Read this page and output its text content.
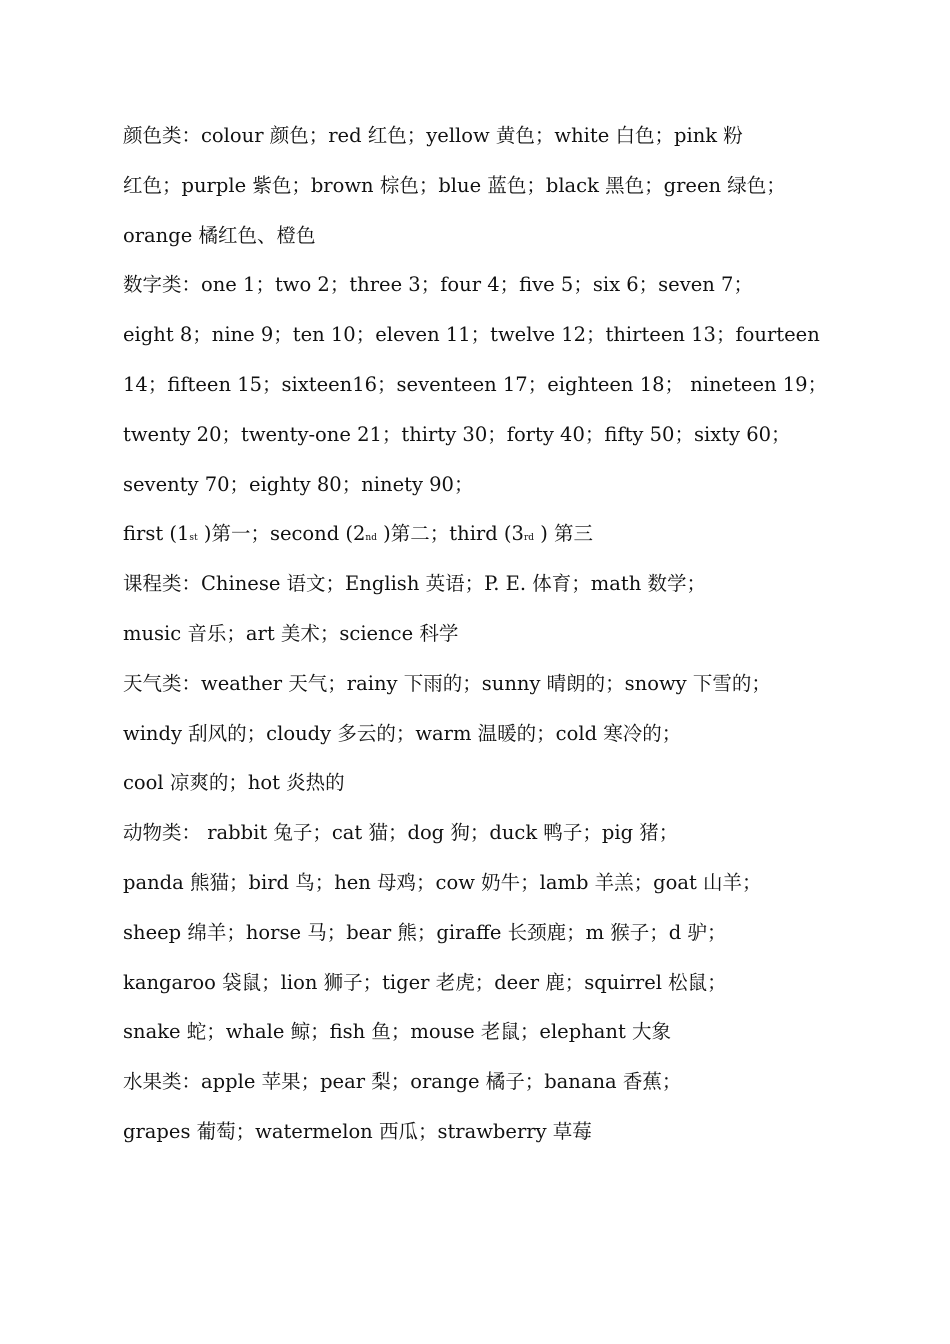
颜色类：colour 颜色；red 红色；yellow 黄色；white 白色；pink 粉
红色；purple 紫色；brown 棕色；blue 蓝色；black 黑色；green 绿色；
orange 橘红色、橙色
数字类：one 1；two 2；three 3；four 4；five 5；six 6；seven 7；
eight 8；nine 9；ten 10；eleven 11；twelve 12；thirteen 13；fourteen
14；fifteen 15；sixteen16；seventeen 17；eighteen 18； nineteen 19；
twenty 20；twenty-one 21；thirty 30；forty 40；fifty 50；sixty 60；
seventy 70；eighty 80；ninety 90；
first (1st )第一；second (2nd )第二；third (3rd ) 第三
课程类：Chinese 语文；English 英语；P. E. 体育；math 数学；
music 音乐；art 美术；science 科学
天气类：weather 天气；rainy 下雨的；sunny 晴朗的；snowy 下雪的；
windy 刮风的；cloudy 多云的；warm 温暖的；cold 寒冷的；
cool 凉爽的；hot 炎热的
动物类： rabbit 兔子；cat 猫；dog 狗；duck 鸭子；pig 猪；
panda 熊猫；bird 鸟；hen 母鸡；cow 奶牛；lamb 羊羔；goat 山羊；
sheep 绵羊；horse 马；bear 熊；giraffe 长颈鹿；m 猴子；d 驴；
kangaroo 袋鼠；lion 狮子；tiger 老虎；deer 鹿；squirrel 松鼠；
snake 蛇；whale 鲸；fish 鱼；mouse 老鼠；elephant 大象
水果类：apple 苹果；pear 梨；orange 橘子；banana 香蕉；
grapes 葡萄；watermelon 西瓜；strawberry 草莓
